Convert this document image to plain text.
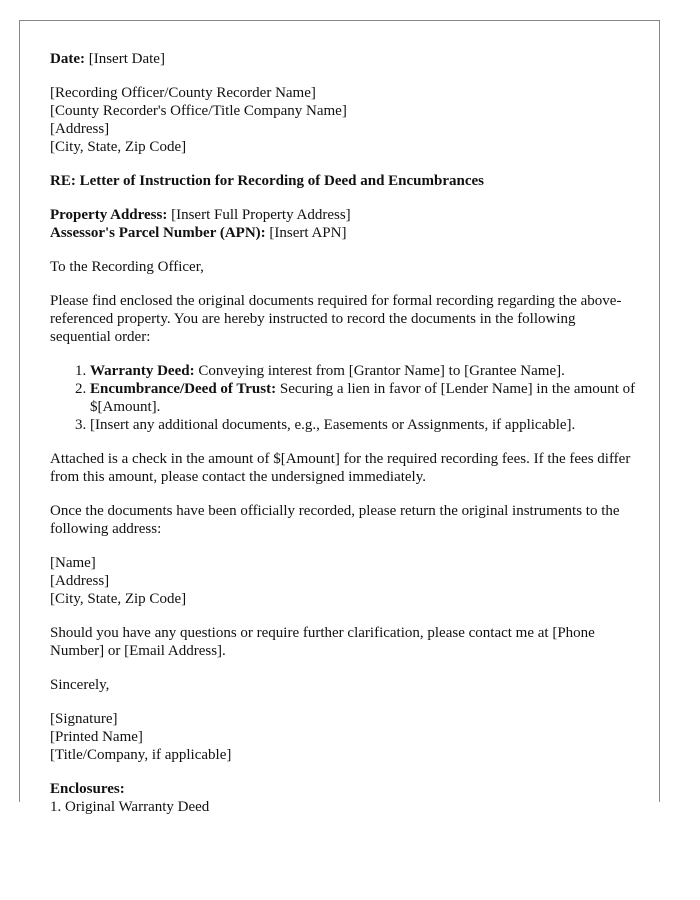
Date: [Insert Date]

[Recording Officer/County Recorder Name]
[County Recorder's Office/Title Company Name]
[Address]
[City, State, Zip Code]

RE: Letter of Instruction for Recording of Deed and Encumbrances

Property Address: [Insert Full Property Address]
Assessor's Parcel Number (APN): [Insert APN]

To the Recording Officer,

Please find enclosed the original documents required for formal recording regarding the above-referenced property. You are hereby instructed to record the documents in the following sequential order:

1. Warranty Deed: Conveying interest from [Grantor Name] to [Grantee Name].
2. Encumbrance/Deed of Trust: Securing a lien in favor of [Lender Name] in the amount of $[Amount].
3. [Insert any additional documents, e.g., Easements or Assignments, if applicable].

Attached is a check in the amount of $[Amount] for the required recording fees. If the fees differ from this amount, please contact the undersigned immediately.

Once the documents have been officially recorded, please return the original instruments to the following address:

[Name]
[Address]
[City, State, Zip Code]

Should you have any questions or require further clarification, please contact me at [Phone Number] or [Email Address].

Sincerely,

[Signature]
[Printed Name]
[Title/Company, if applicable]

Enclosures:
1. Original Warranty Deed
